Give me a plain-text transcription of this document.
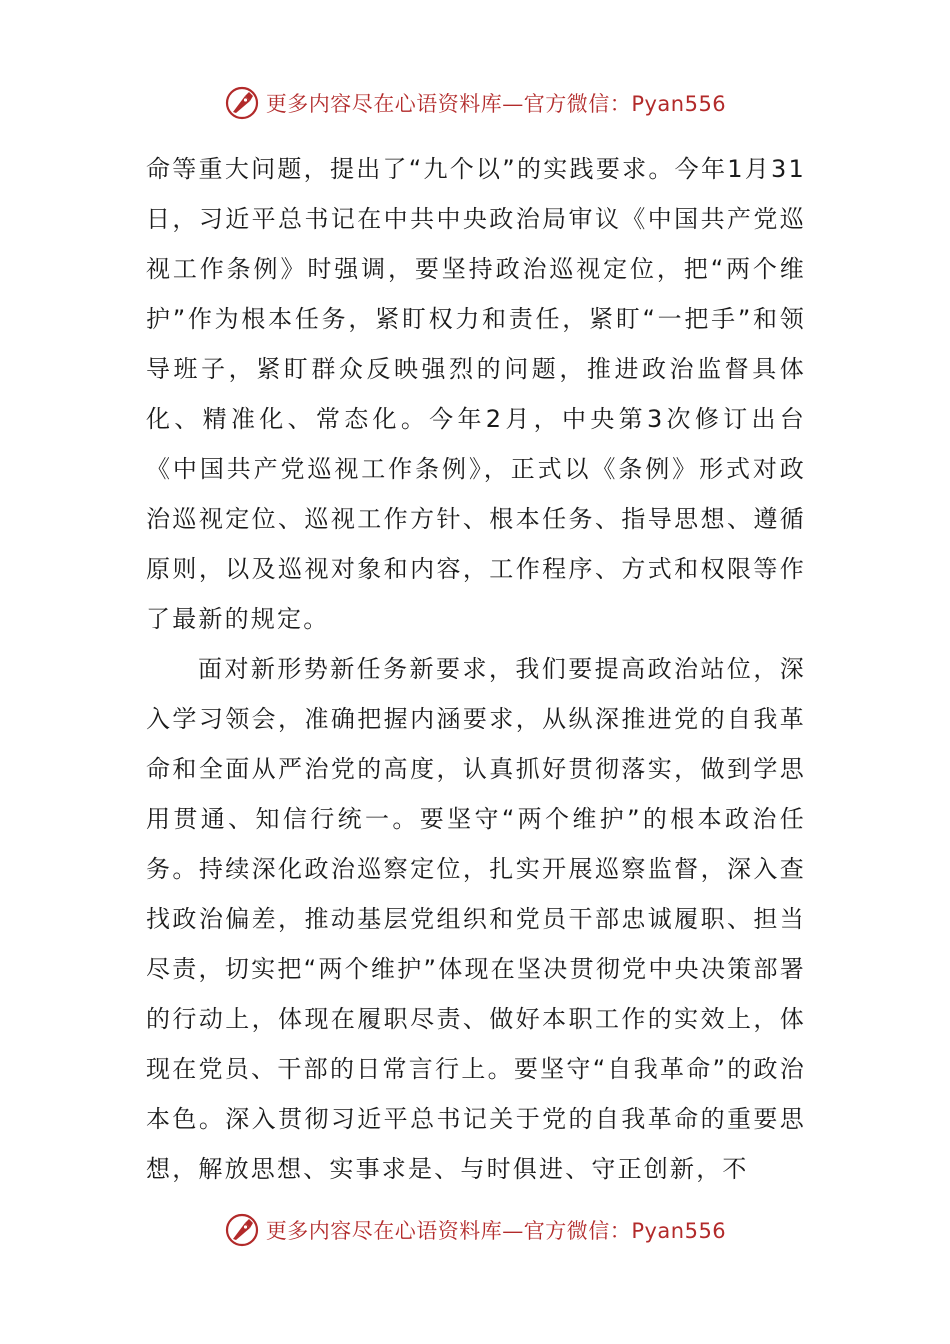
更多内容尽在心语资料库—官方微信：Pyan556

命等重大问题，提出了“九个以”的实践要求。今年1月31日，习近平总书记在中共中央政治局审议《中国共产党巡视工作条例》时强调，要坚持政治巡视定位，把“两个维护”作为根本任务，紧盯权力和责任，紧盯“一把手”和领导班子，紧盯群众反映强烈的问题，推进政治监督具体化、精准化、常态化。今年2月，中央第3次修订出台《中国共产党巡视工作条例》，正式以《条例》形式对政治巡视定位、巡视工作方针、根本任务、指导思想、遵循原则，以及巡视对象和内容，工作程序、方式和权限等作了最新的规定。

面对新形势新任务新要求，我们要提高政治站位，深入学习领会，准确把握内涵要求，从纵深推进党的自我革命和全面从严治党的高度，认真抓好贯彻落实，做到学思用贯通、知信行统一。要坚守“两个维护”的根本政治任务。持续深化政治巡察定位，扎实开展巡察监督，深入查找政治偏差，推动基层党组织和党员干部忠诚履职、担当尽责，切实把“两个维护”体现在坚决贯彻党中央决策部署的行动上，体现在履职尽责、做好本职工作的实效上，体现在党员、干部的日常言行上。要坚守“自我革命”的政治本色。深入贯彻习近平总书记关于党的自我革命的重要思想，解放思想、实事求是、与时俱进、守正创新，不

更多内容尽在心语资料库—官方微信：Pyan556
